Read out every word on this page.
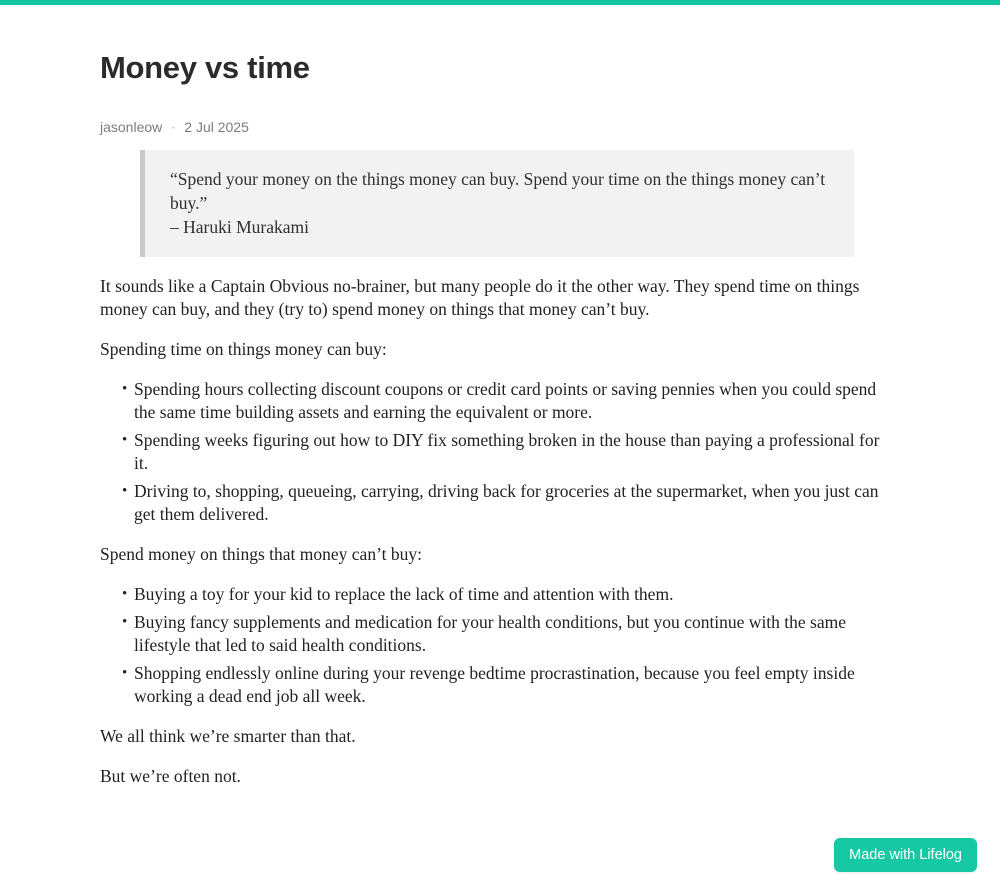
Money vs time
jasonleow · 2 Jul 2025

“Spend your money on the things money can buy. Spend your time on the things money can’t buy.”

– Haruki Murakami

It sounds like a Captain Obvious no-brainer, but many people do it the other way. They spend time on things money can buy, and they (try to) spend money on things that money can’t buy.

Spending time on things money can buy:

• Spending hours collecting discount coupons or credit card points or saving pennies when you could spend the same time building assets and earning the equivalent or more.
• Spending weeks figuring out how to DIY fix something broken in the house than paying a professional for it.
• Driving to, shopping, queueing, carrying, driving back for groceries at the supermarket, when you just can get them delivered.

Spend money on things that money can’t buy:

• Buying a toy for your kid to replace the lack of time and attention with them.
• Buying fancy supplements and medication for your health conditions, but you continue with the same lifestyle that led to said health conditions.
• Shopping endlessly online during your revenge bedtime procrastination, because you feel empty inside working a dead end job all week.

We all think we’re smarter than that.

But we’re often not.

Made with Lifelog
